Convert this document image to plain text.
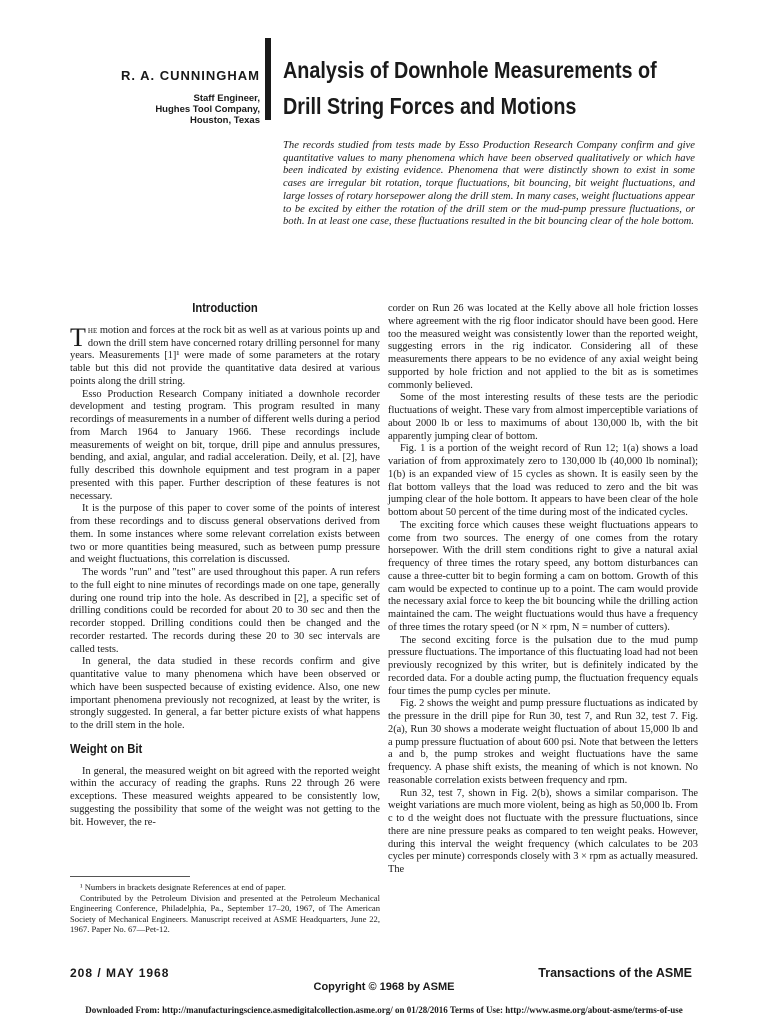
R. A. CUNNINGHAM
Staff Engineer,
Hughes Tool Company,
Houston, Texas
Analysis of Downhole Measurements of
Drill String Forces and Motions
The records studied from tests made by Esso Production Research Company confirm and give quantitative values to many phenomena which have been observed qualitatively or which have been indicated by existing evidence. Phenomena that were distinctly shown to exist in some cases are irregular bit rotation, torque fluctuations, bit bouncing, bit weight fluctuations, and large losses of rotary horsepower along the drill stem. In many cases, weight fluctuations appear to be excited by either the rotation of the drill stem or the mud-pump pressure fluctuations, or both. In at least one case, these fluctuations resulted in the bit bouncing clear of the hole bottom.
Introduction

The motion and forces at the rock bit as well as at various points up and down the drill stem have concerned rotary drilling personnel for many years. Measurements [1]¹ were made of some parameters at the rotary table but this did not provide the quantitative data desired at various points along the drill string.

Esso Production Research Company initiated a downhole recorder development and testing program. This program resulted in many recordings of measurements in a number of different wells during a period from March 1964 to January 1966. These recordings include measurements of weight on bit, torque, drill pipe and annulus pressures, bending, and axial, angular, and radial acceleration. Deily, et al. [2], have fully described this downhole equipment and test program in a paper presented with this paper. Further description of these features is not necessary.

It is the purpose of this paper to cover some of the points of interest from these recordings and to discuss general observations derived from them. In some instances where some relevant correlation exists between two or more quantities being measured, such as between pump pressure and weight fluctuations, this correlation is discussed.

The words "run" and "test" are used throughout this paper. A run refers to the full eight to nine minutes of recordings made on one tape, generally during one round trip into the hole. As described in [2], a specific set of drilling conditions could be recorded for about 20 to 30 sec and then the recorder stopped. Drilling conditions could then be changed and the recorder restarted. The records during these 20 to 30 sec intervals are called tests.

In general, the data studied in these records confirm and give quantitative value to many phenomena which have been observed or which have been suspected because of existing evidence. Also, one new important phenomena previously not recognized, at least by the writer, is strongly suggested. In general, a far better picture exists of what happens to the drill stem in the hole.

Weight on Bit

In general, the measured weight on bit agreed with the reported weight within the accuracy of reading the graphs. Runs 22 through 26 were exceptions. These measured weights appeared to be consistently low, suggesting the possibility that some of the weight was not getting to the bit. However, the re-

¹ Numbers in brackets designate References at end of paper.

Contributed by the Petroleum Division and presented at the Petroleum Mechanical Engineering Conference, Philadelphia, Pa., September 17–20, 1967, of The American Society of Mechanical Engineers. Manuscript received at ASME Headquarters, June 22, 1967. Paper No. 67—Pet-12.

corder on Run 26 was located at the Kelly above all hole friction losses where agreement with the rig floor indicator should have been good. Here too the measured weight was consistently lower than the reported weight, suggesting errors in the rig indicator. Considering all of these measurements there appears to be no evidence of any axial weight being supported by hole friction and not applied to the bit as is sometimes commonly believed.

Some of the most interesting results of these tests are the periodic fluctuations of weight. These vary from almost imperceptible variations of about 2000 lb or less to maximums of about 130,000 lb, with the bit apparently jumping clear of bottom.

Fig. 1 is a portion of the weight record of Run 12; 1(a) shows a load variation of from approximately zero to 130,000 lb (40,000 lb nominal); 1(b) is an expanded view of 15 cycles as shown. It is easily seen by the flat bottom valleys that the load was reduced to zero and the bit was jumping clear of the hole bottom. It appears to have been clear of the hole bottom about 50 percent of the time during most of the indicated cycles.

The exciting force which causes these weight fluctuations appears to come from two sources. The energy of one comes from the rotary horsepower. With the drill stem conditions right to give a natural axial frequency of three times the rotary speed, any bottom disturbances can cause a three-cutter bit to begin forming a cam on bottom. Growth of this cam would be expected to continue up to a point. The cam would provide the necessary axial force to keep the bit bouncing while the drilling action maintained the cam. The weight fluctuations would thus have a frequency of three times the rotary speed (or N × rpm, N = number of cutters).

The second exciting force is the pulsation due to the mud pump pressure fluctuations. The importance of this fluctuating load had not been previously recognized by this writer, but is definitely indicated by the recorded data. For a double acting pump, the fluctuation frequency equals four times the pump cycles per minute.

Fig. 2 shows the weight and pump pressure fluctuations as indicated by the pressure in the drill pipe for Run 30, test 7, and Run 32, test 7. Fig. 2(a), Run 30 shows a moderate weight fluctuation of about 15,000 lb and a pump pressure fluctuation of about 600 psi. Note that between the letters a and b, the pump strokes and weight fluctuations have the same frequency. A phase shift exists, the meaning of which is not known. No reasonable correlation exists between frequency and rpm.

Run 32, test 7, shown in Fig. 2(b), shows a similar comparison. The weight variations are much more violent, being as high as 50,000 lb. From c to d the weight does not fluctuate with the pressure fluctuations, since there are nine pressure peaks as compared to ten weight peaks. However, during this interval the weight frequency (which calculates to be 203 cycles per minute) corresponds closely with 3 × rpm as actually measured. The

208 / MAY 1968	Transactions of the ASME
Copyright © 1968 by ASME
Downloaded From: http://manufacturingscience.asmedigitalcollection.asme.org/ on 01/28/2016 Terms of Use: http://www.asme.org/about-asme/terms-of-use
